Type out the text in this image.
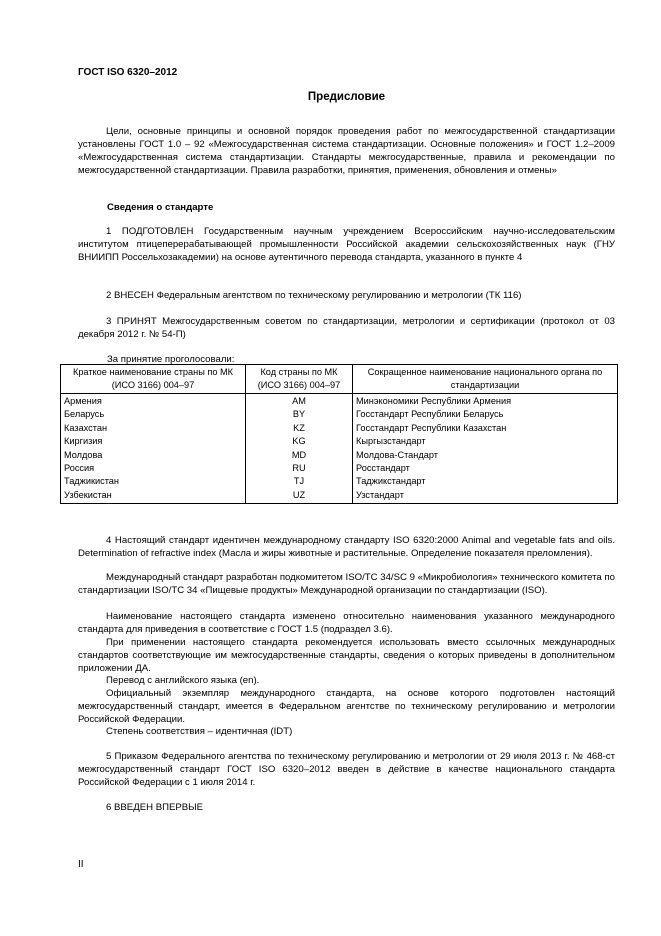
ГОСТ ISO 6320–2012
Предисловие

Цели, основные принципы и основной порядок проведения работ по межгосударственной стандартизации установлены ГОСТ 1.0 – 92 «Межгосударственная система стандартизации. Основные положения» и ГОСТ 1.2–2009 «Межгосударственная система стандартизации. Стандарты межгосударственные, правила и рекомендации по межгосударственной стандартизации. Правила разработки, принятия, применения, обновления и отмены»

Сведения о стандарте

1 ПОДГОТОВЛЕН Государственным научным учреждением Всероссийским научно-исследовательским институтом птицеперерабатывающей промышленности Российской академии сельскохозяйственных наук (ГНУ ВНИИПП Россельхозакадемии) на основе аутентичного перевода стандарта, указанного в пункте 4

2 ВНЕСЕН Федеральным агентством по техническому регулированию и метрологии (ТК 116)

3 ПРИНЯТ Межгосударственным советом по стандартизации, метрологии и сертификации (протокол от 03 декабря 2012 г. № 54-П)

За принятие проголосовали:
Краткое наименование страны по МК (ИСО 3166) 004–97	Код страны по МК (ИСО 3166) 004–97	Сокращенное наименование национального органа по стандартизации
Армения	AM	Минэкономики Республики Армения
Беларусь	BY	Госстандарт Республики Беларусь
Казахстан	KZ	Госстандарт Республики Казахстан
Киргизия	KG	Кыргызстандарт
Молдова	MD	Молдова-Стандарт
Россия	RU	Росстандарт
Таджикистан	TJ	Таджикстандарт
Узбекистан	UZ	Узстандарт

4 Настоящий стандарт идентичен международному стандарту ISO 6320:2000 Animal and vegetable fats and oils. Determination of refractive index (Масла и жиры животные и растительные. Определение показателя преломления).

Международный стандарт разработан подкомитетом ISO/TC 34/SC 9 «Микробиология» технического комитета по стандартизации ISO/TC 34 «Пищевые продукты» Международной организации по стандартизации (ISO).

Наименование настоящего стандарта изменено относительно наименования указанного международного стандарта для приведения в соответствие с ГОСТ 1.5 (подраздел 3.6).

При применении настоящего стандарта рекомендуется использовать вместо ссылочных международных стандартов соответствующие им межгосударственные стандарты, сведения о которых приведены в дополнительном приложении ДА.

Перевод с английского языка (en).

Официальный экземпляр международного стандарта, на основе которого подготовлен настоящий межгосударственный стандарт, имеется в Федеральном агентстве по техническому регулированию и метрологии Российской Федерации.

Степень соответствия – идентичная (IDT)

5 Приказом Федерального агентства по техническому регулированию и метрологии от 29 июля 2013 г. № 468-ст межгосударственный стандарт ГОСТ ISO 6320–2012 введен в действие в качестве национального стандарта Российской Федерации с 1 июля 2014 г.

6 ВВЕДЕН ВПЕРВЫЕ

II
